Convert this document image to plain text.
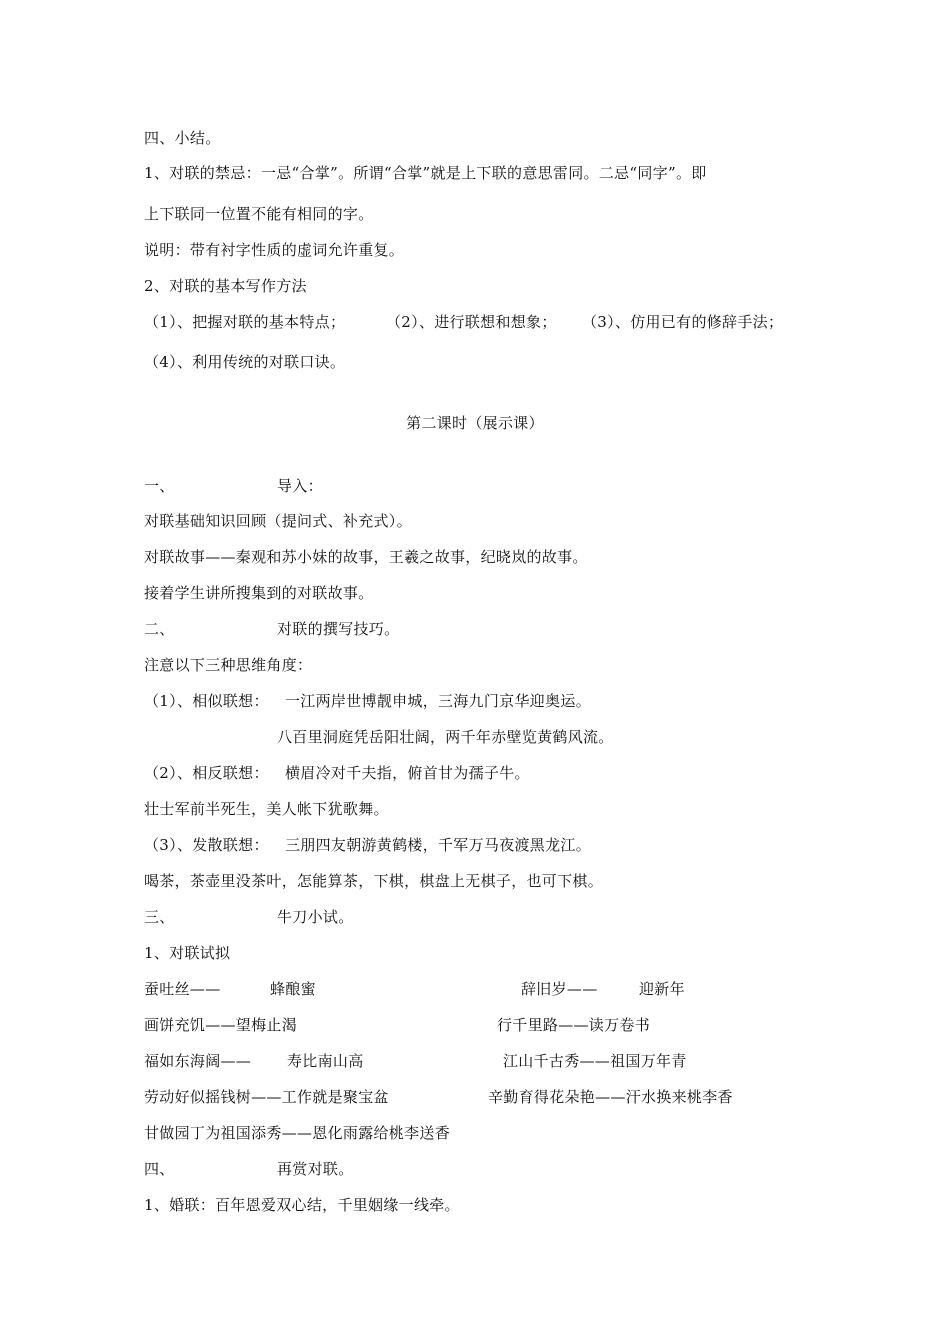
四、小结。
1、对联的禁忌：一忌“合掌”。所谓“合掌”就是上下联的意思雷同。二忌“同字”。即
上下联同一位置不能有相同的字。
说明：带有衬字性质的虚词允许重复。
2、对联的基本写作方法
（1）、把握对联的基本特点；	（2）、进行联想和想象； （3）、仿用已有的修辞手法；
（4）、利用传统的对联口诀。
第二课时（展示课）
一、	导入：
对联基础知识回顾（提问式、补充式）。
对联故事——秦观和苏小妹的故事，王羲之故事，纪晓岚的故事。
接着学生讲所搜集到的对联故事。
二、	对联的撰写技巧。
注意以下三种思维角度：
（1）、相似联想： 一江两岸世博靓申城，三海九门京华迎奥运。
八百里洞庭凭岳阳壮阔，两千年赤壁览黄鹤风流。
（2）、相反联想： 横眉冷对千夫指，俯首甘为孺子牛。
壮士军前半死生，美人帐下犹歌舞。
（3）、发散联想： 三朋四友朝游黄鹤楼，千军万马夜渡黑龙江。
喝茶，茶壶里没茶叶，怎能算茶，下棋，棋盘上无棋子，也可下棋。
三、	牛刀小试。
1、对联试拟
蚕吐丝——	蜂酿蜜	辞旧岁——	迎新年
画饼充饥——望梅止渴	行千里路——读万卷书
福如东海阔—— 寿比南山高	江山千古秀——祖国万年青
劳动好似摇钱树——工作就是聚宝盆	辛勤育得花朵艳——汗水换来桃李香
甘做园丁为祖国添秀——恩化雨露给桃李送香
四、	再赏对联。
1、婚联：百年恩爱双心结，千里姻缘一线牵。
